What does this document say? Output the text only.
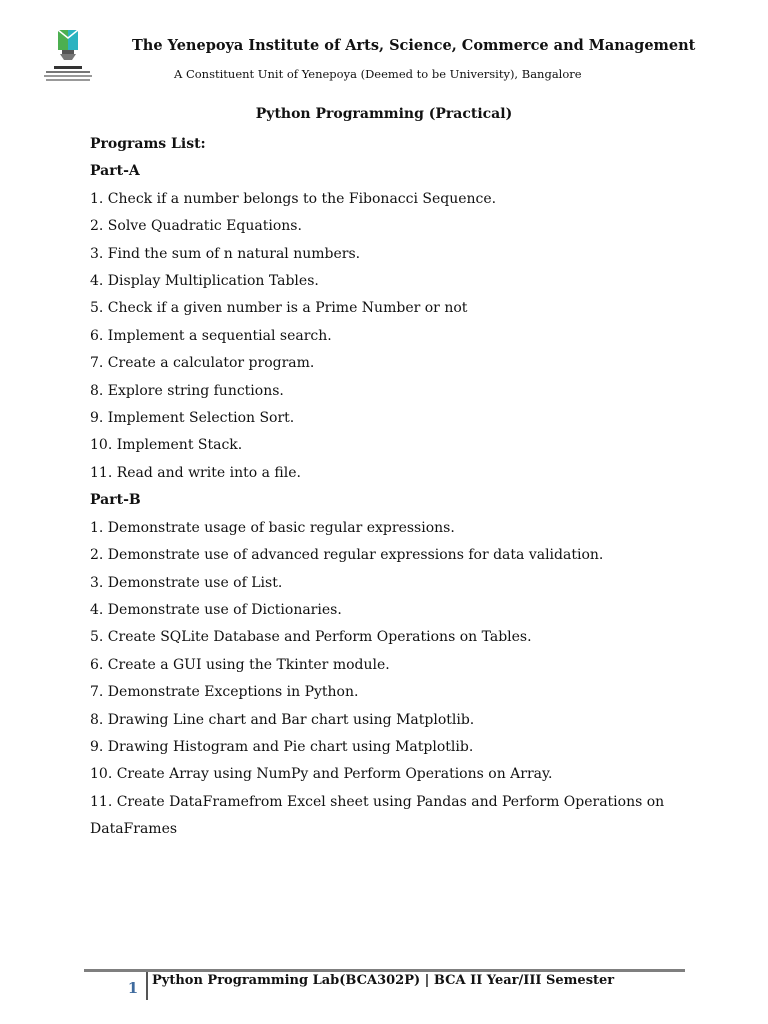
The Yenepoya Institute of Arts, Science, Commerce and Management
A Constituent Unit of Yenepoya (Deemed to be University), Bangalore
Python Programming (Practical)
Programs List:
Part-A
1. Check if a number belongs to the Fibonacci Sequence.
2. Solve Quadratic Equations.
3. Find the sum of n natural numbers.
4. Display Multiplication Tables.
5. Check if a given number is a Prime Number or not
6. Implement a sequential search.
7. Create a calculator program.
8. Explore string functions.
9. Implement Selection Sort.
10. Implement Stack.
11. Read and write into a file.
Part-B
1. Demonstrate usage of basic regular expressions.
2. Demonstrate use of advanced regular expressions for data validation.
3. Demonstrate use of List.
4. Demonstrate use of Dictionaries.
5. Create SQLite Database and Perform Operations on Tables.
6. Create a GUI using the Tkinter module.
7. Demonstrate Exceptions in Python.
8. Drawing Line chart and Bar chart using Matplotlib.
9. Drawing Histogram and Pie chart using Matplotlib.
10. Create Array using NumPy and Perform Operations on Array.
11. Create DataFramefrom Excel sheet using Pandas and Perform Operations on DataFrames
1 Python Programming Lab(BCA302P) | BCA II Year/III Semester
